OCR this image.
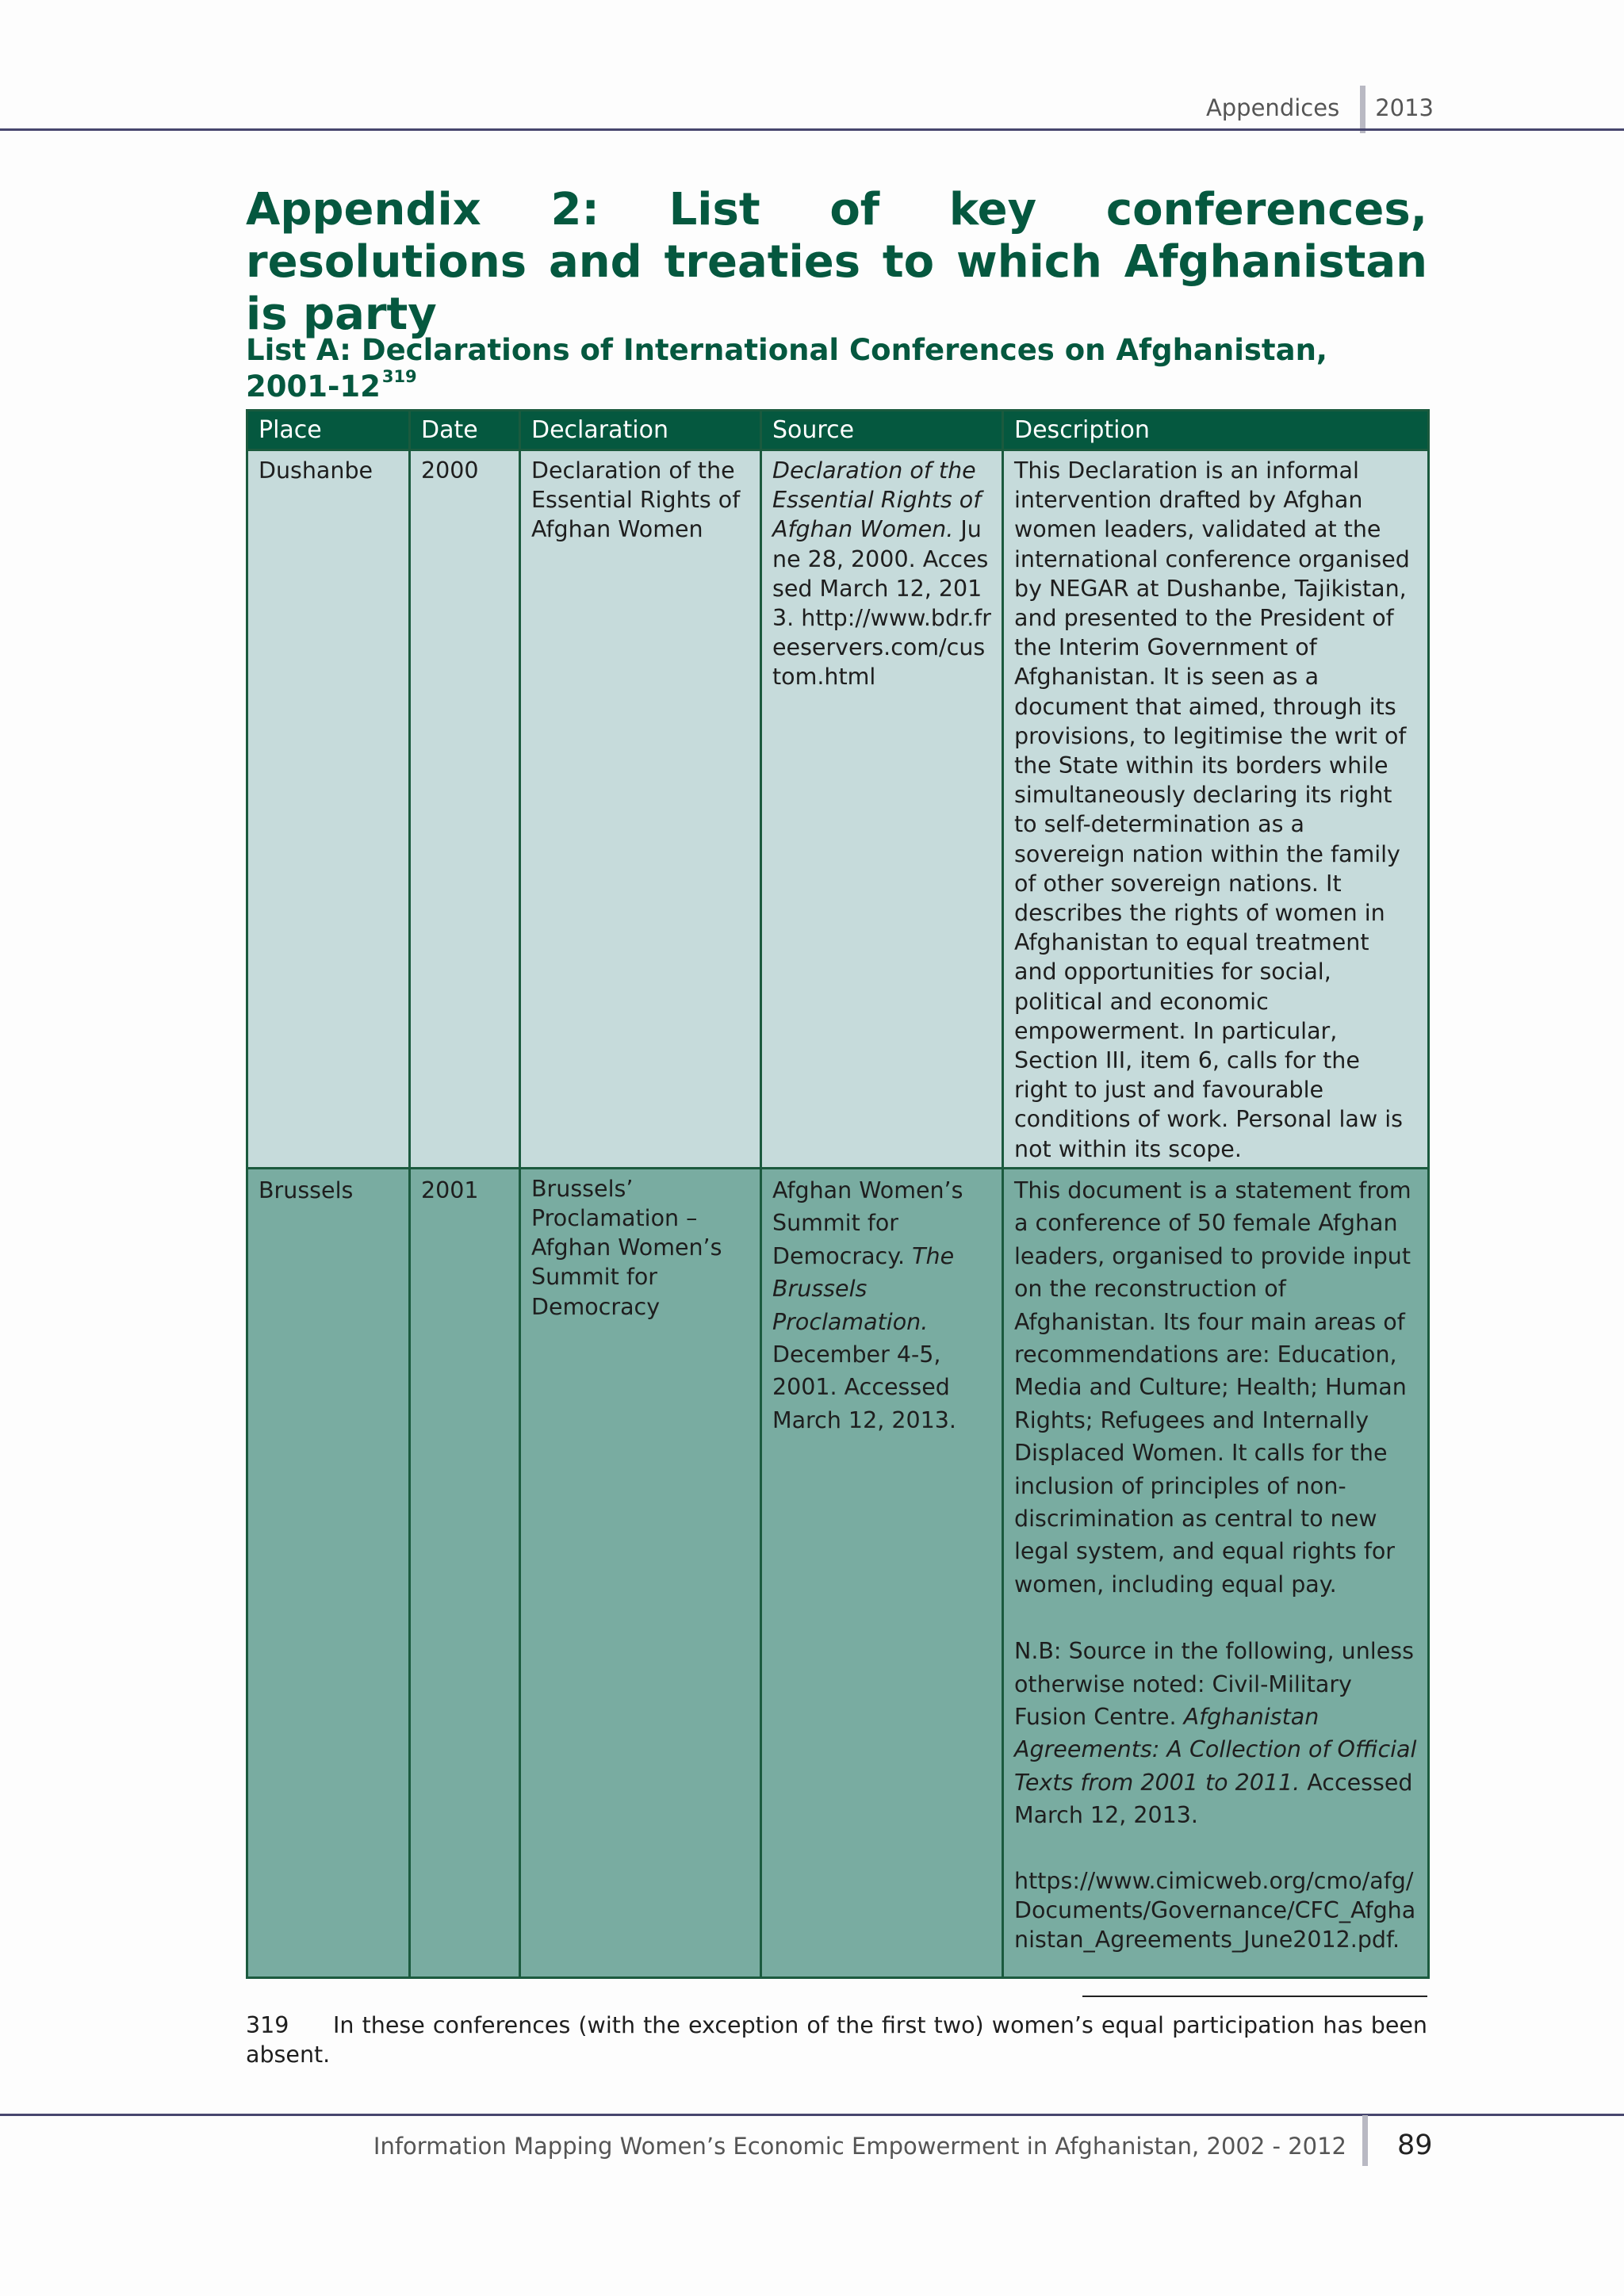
Appendices 2013
Appendix 2: List of key conferences, resolutions and treaties to which Afghanistan is party
List A: Declarations of International Conferences on Afghanistan, $2001-12^{319}$
Place	Date	Declaration	Source	Description
Dushanbe	2000	Declaration of the Essential Rights of Afghan Women	Declaration of the Essential Rights of Afghan Women. June 28, 2000. Accessed March 12, 2013. http://www.bdr.freeservers.com/custom.html	This Declaration is an informal intervention drafted by Afghan women leaders, validated at the international conference organised by NEGAR at Dushanbe, Tajikistan, and presented to the President of the Interim Government of Afghanistan. It is seen as a document that aimed, through its provisions, to legitimise the writ of the State within its borders while simultaneously declaring its right to self-determination as a sovereign nation within the family of other sovereign nations. It describes the rights of women in Afghanistan to equal treatment and opportunities for social, political and economic empowerment. In particular, Section III, item 6, calls for the right to just and favourable conditions of work. Personal law is not within its scope.
Brussels	2001	Brussels’ Proclamation – Afghan Women’s Summit for Democracy	Afghan Women’s Summit for Democracy. The Brussels Proclamation. December 4-5, 2001. Accessed March 12, 2013.	This document is a statement from a conference of 50 female Afghan leaders, organised to provide input on the reconstruction of Afghanistan. Its four main areas of recommendations are: Education, Media and Culture; Health; Human Rights; Refugees and Internally Displaced Women. It calls for the inclusion of principles of non-discrimination as central to new legal system, and equal rights for women, including equal pay.

N.B: Source in the following, unless otherwise noted: Civil-Military Fusion Centre. Afghanistan Agreements: A Collection of Official Texts from 2001 to 2011. Accessed March 12, 2013.

https://www.cimicweb.org/cmo/afg/Documents/Governance/CFC_Afghanistan_Agreements_June2012.pdf.

319 In these conferences (with the exception of the first two) women’s equal participation has been absent.

Information Mapping Women’s Economic Empowerment in Afghanistan, 2002 - 2012 89
